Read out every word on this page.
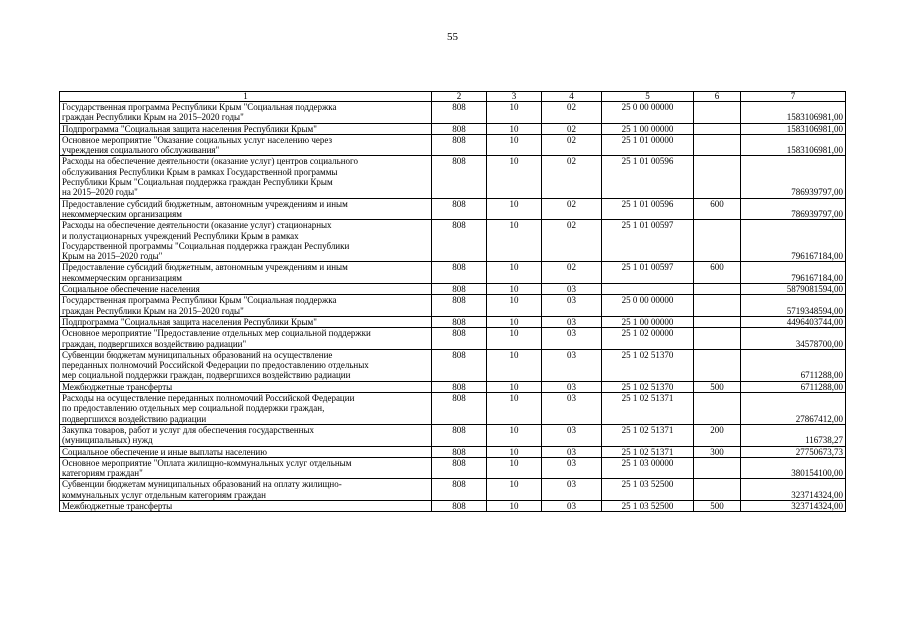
55
1	2	3	4	5	6	7
Государственная программа Республики Крым "Социальная поддержка
граждан Республики Крым на 2015–2020 годы"	808	10	02	25 0 00 00000		1583106981,00
Подпрограмма "Социальная защита населения Республики Крым"	808	10	02	25 1 00 00000		1583106981,00
Основное мероприятие "Оказание социальных услуг населению через
учреждения социального обслуживания"	808	10	02	25 1 01 00000		1583106981,00
Расходы на обеспечение деятельности (оказание услуг) центров социального
обслуживания Республики Крым в рамках Государственной программы
Республики Крым "Социальная поддержка граждан Республики Крым
на 2015–2020 годы"	808	10	02	25 1 01 00596		786939797,00
Предоставление субсидий бюджетным, автономным учреждениям и иным
некоммерческим организациям	808	10	02	25 1 01 00596	600	786939797,00
Расходы на обеспечение деятельности (оказание услуг) стационарных
и полустационарных учреждений Республики Крым в рамках
Государственной программы "Социальная поддержка граждан Республики
Крым на 2015–2020 годы"	808	10	02	25 1 01 00597		796167184,00
Предоставление субсидий бюджетным, автономным учреждениям и иным
некоммерческим организациям	808	10	02	25 1 01 00597	600	796167184,00
Социальное обеспечение населения	808	10	03			5879081594,00
Государственная программа Республики Крым "Социальная поддержка
граждан Республики Крым на 2015–2020 годы"	808	10	03	25 0 00 00000		5719348594,00
Подпрограмма "Социальная защита населения Республики Крым"	808	10	03	25 1 00 00000		4496403744,00
Основное мероприятие "Предоставление отдельных мер социальной поддержки
граждан, подвергшихся воздействию радиации"	808	10	03	25 1 02 00000		34578700,00
Субвенции бюджетам муниципальных образований на осуществление
переданных полномочий Российской Федерации по предоставлению отдельных
мер социальной поддержки граждан, подвергшихся воздействию радиации	808	10	03	25 1 02 51370		6711288,00
Межбюджетные трансферты	808	10	03	25 1 02 51370	500	6711288,00
Расходы на осуществление переданных полномочий Российской Федерации
по предоставлению отдельных мер социальной поддержки граждан,
подвергшихся воздействию радиации	808	10	03	25 1 02 51371		27867412,00
Закупка товаров, работ и услуг для обеспечения государственных
(муниципальных) нужд	808	10	03	25 1 02 51371	200	116738,27
Социальное обеспечение и иные выплаты населению	808	10	03	25 1 02 51371	300	27750673,73
Основное мероприятие "Оплата жилищно-коммунальных услуг отдельным
категориям граждан"	808	10	03	25 1 03 00000		380154100,00
Субвенции бюджетам муниципальных образований на оплату жилищно-
коммунальных услуг отдельным категориям граждан	808	10	03	25 1 03 52500		323714324,00
Межбюджетные трансферты	808	10	03	25 1 03 52500	500	323714324,00
